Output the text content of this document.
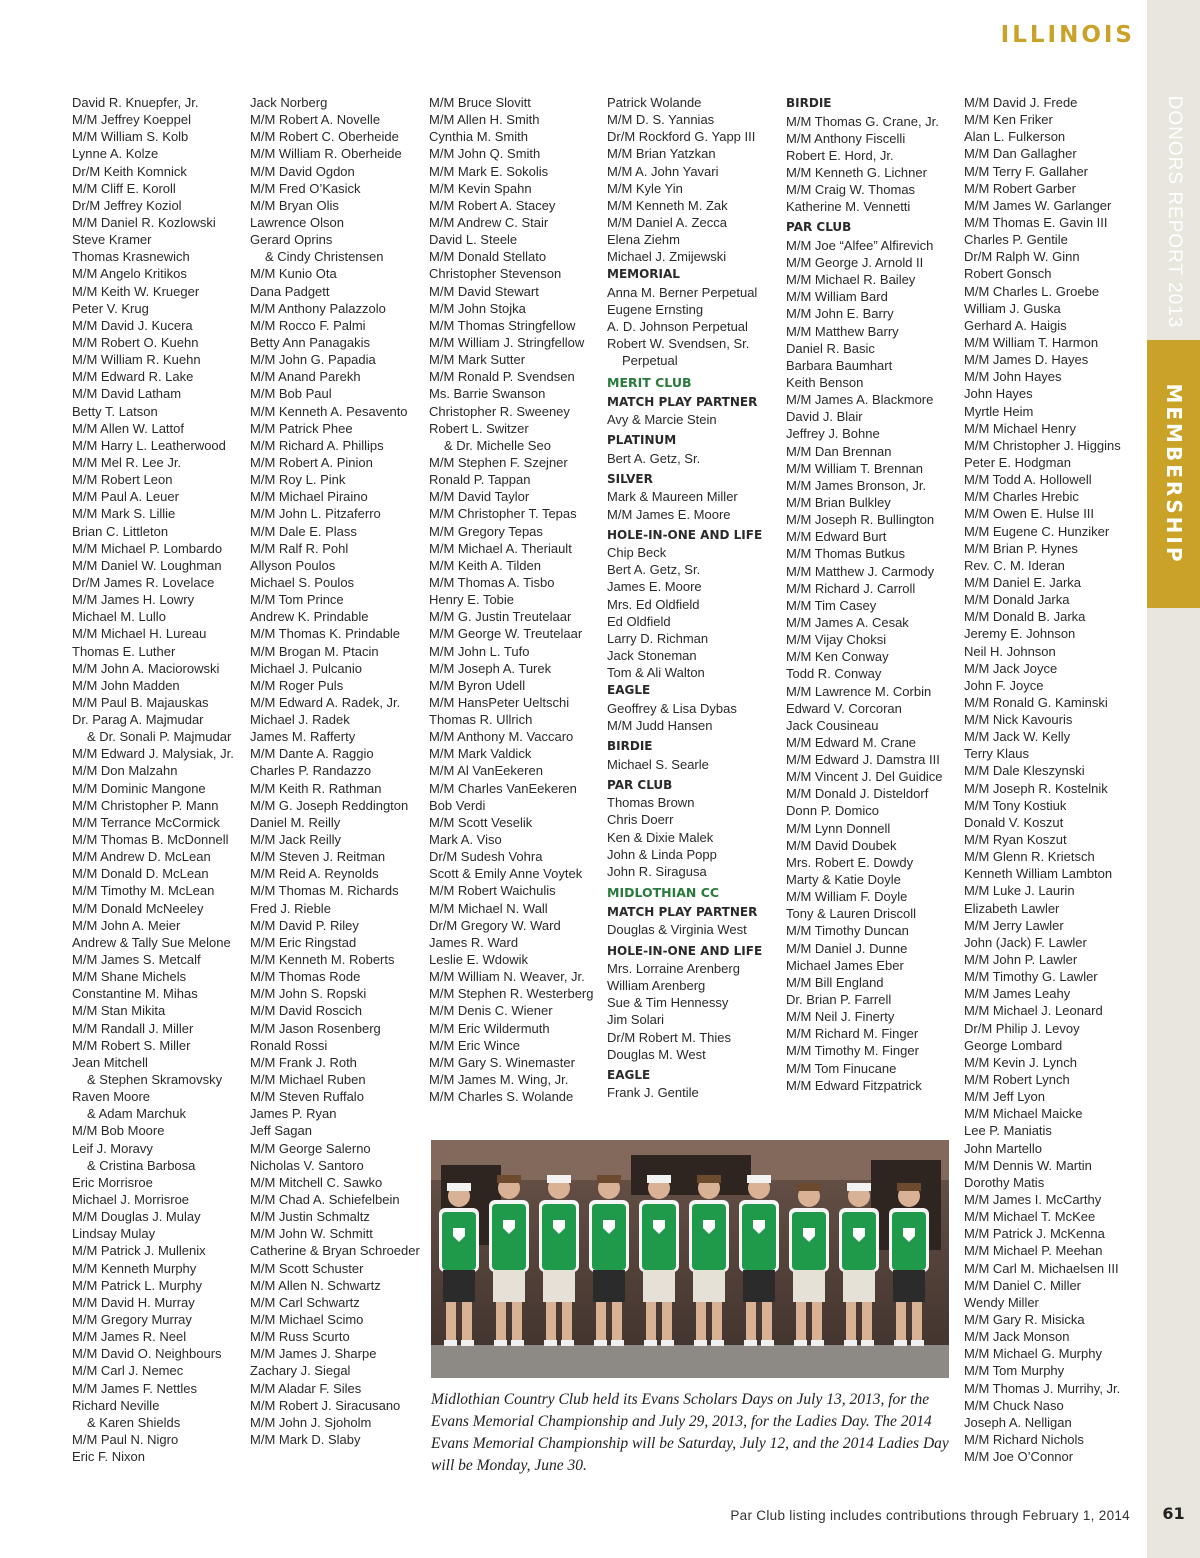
ILLINOIS
DONORS REPORT 2013
MEMBERSHIP
David R. Knuepfer, Jr.
M/M Jeffrey Koeppel
M/M William S. Kolb
Lynne A. Kolze
Dr/M Keith Komnick
M/M Cliff E. Koroll
Dr/M Jeffrey Koziol
M/M Daniel R. Kozlowski
Steve Kramer
Thomas Krasnewich
M/M Angelo Kritikos
M/M Keith W. Krueger
Peter V. Krug
M/M David J. Kucera
M/M Robert O. Kuehn
M/M William R. Kuehn
M/M Edward R. Lake
M/M David Latham
Betty T. Latson
M/M Allen W. Lattof
M/M Harry L. Leatherwood
M/M Mel R. Lee Jr.
M/M Robert Leon
M/M Paul A. Leuer
M/M Mark S. Lillie
Brian C. Littleton
M/M Michael P. Lombardo
M/M Daniel W. Loughman
Dr/M James R. Lovelace
M/M James H. Lowry
Michael M. Lullo
M/M Michael H. Lureau
Thomas E. Luther
M/M John A. Maciorowski
M/M John Madden
M/M Paul B. Majauskas
Dr. Parag A. Majmudar
& Dr. Sonali P. Majmudar
M/M Edward J. Malysiak, Jr.
M/M Don Malzahn
M/M Dominic Mangone
M/M Christopher P. Mann
M/M Terrance McCormick
M/M Thomas B. McDonnell
M/M Andrew D. McLean
M/M Donald D. McLean
M/M Timothy M. McLean
M/M Donald McNeeley
M/M John A. Meier
Andrew & Tally Sue Melone
M/M James S. Metcalf
M/M Shane Michels
Constantine M. Mihas
M/M Stan Mikita
M/M Randall J. Miller
M/M Robert S. Miller
Jean Mitchell
& Stephen Skramovsky
Raven Moore
& Adam Marchuk
M/M Bob Moore
Leif J. Moravy
& Cristina Barbosa
Eric Morrisroe
Michael J. Morrisroe
M/M Douglas J. Mulay
Lindsay Mulay
M/M Patrick J. Mullenix
M/M Kenneth Murphy
M/M Patrick L. Murphy
M/M David H. Murray
M/M Gregory Murray
M/M James R. Neel
M/M David O. Neighbours
M/M Carl J. Nemec
M/M James F. Nettles
Richard Neville
& Karen Shields
M/M Paul N. Nigro
Eric F. Nixon
Jack Norberg
M/M Robert A. Novelle
M/M Robert C. Oberheide
M/M William R. Oberheide
M/M David Ogdon
M/M Fred O’Kasick
M/M Bryan Olis
Lawrence Olson
Gerard Oprins
& Cindy Christensen
M/M Kunio Ota
Dana Padgett
M/M Anthony Palazzolo
M/M Rocco F. Palmi
Betty Ann Panagakis
M/M John G. Papadia
M/M Anand Parekh
M/M Bob Paul
M/M Kenneth A. Pesavento
M/M Patrick Phee
M/M Richard A. Phillips
M/M Robert A. Pinion
M/M Roy L. Pink
M/M Michael Piraino
M/M John L. Pitzaferro
M/M Dale E. Plass
M/M Ralf R. Pohl
Allyson Poulos
Michael S. Poulos
M/M Tom Prince
Andrew K. Prindable
M/M Thomas K. Prindable
M/M Brogan M. Ptacin
Michael J. Pulcanio
M/M Roger Puls
M/M Edward A. Radek, Jr.
Michael J. Radek
James M. Rafferty
M/M Dante A. Raggio
Charles P. Randazzo
M/M Keith R. Rathman
M/M G. Joseph Reddington
Daniel M. Reilly
M/M Jack Reilly
M/M Steven J. Reitman
M/M Reid A. Reynolds
M/M Thomas M. Richards
Fred J. Rieble
M/M David P. Riley
M/M Eric Ringstad
M/M Kenneth M. Roberts
M/M Thomas Rode
M/M John S. Ropski
M/M David Roscich
M/M Jason Rosenberg
Ronald Rossi
M/M Frank J. Roth
M/M Michael Ruben
M/M Steven Ruffalo
James P. Ryan
Jeff Sagan
M/M George Salerno
Nicholas V. Santoro
M/M Mitchell C. Sawko
M/M Chad A. Schiefelbein
M/M Justin Schmaltz
M/M John W. Schmitt
Catherine & Bryan Schroeder
M/M Scott Schuster
M/M Allen N. Schwartz
M/M Carl Schwartz
M/M Michael Scimo
M/M Russ Scurto
M/M James J. Sharpe
Zachary J. Siegal
M/M Aladar F. Siles
M/M Robert J. Siracusano
M/M John J. Sjoholm
M/M Mark D. Slaby
M/M Bruce Slovitt
M/M Allen H. Smith
Cynthia M. Smith
M/M John Q. Smith
M/M Mark E. Sokolis
M/M Kevin Spahn
M/M Robert A. Stacey
M/M Andrew C. Stair
David L. Steele
M/M Donald Stellato
Christopher Stevenson
M/M David Stewart
M/M John Stojka
M/M Thomas Stringfellow
M/M William J. Stringfellow
M/M Mark Sutter
M/M Ronald P. Svendsen
Ms. Barrie Swanson
Christopher R. Sweeney
Robert L. Switzer
& Dr. Michelle Seo
M/M Stephen F. Szejner
Ronald P. Tappan
M/M David Taylor
M/M Christopher T. Tepas
M/M Gregory Tepas
M/M Michael A. Theriault
M/M Keith A. Tilden
M/M Thomas A. Tisbo
Henry E. Tobie
M/M G. Justin Treutelaar
M/M George W. Treutelaar
M/M John L. Tufo
M/M Joseph A. Turek
M/M Byron Udell
M/M HansPeter Ueltschi
Thomas R. Ullrich
M/M Anthony M. Vaccaro
M/M Mark Valdick
M/M Al VanEekeren
M/M Charles VanEekeren
Bob Verdi
M/M Scott Veselik
Mark A. Viso
Dr/M Sudesh Vohra
Scott & Emily Anne Voytek
M/M Robert Waichulis
M/M Michael N. Wall
Dr/M Gregory W. Ward
James R. Ward
Leslie E. Wdowik
M/M William N. Weaver, Jr.
M/M Stephen R. Westerberg
M/M Denis C. Wiener
M/M Eric Wildermuth
M/M Eric Wince
M/M Gary S. Winemaster
M/M James M. Wing, Jr.
M/M Charles S. Wolande
Patrick Wolande
M/M D. S. Yannias
Dr/M Rockford G. Yapp III
M/M Brian Yatzkan
M/M A. John Yavari
M/M Kyle Yin
M/M Kenneth M. Zak
M/M Daniel A. Zecca
Elena Ziehm
Michael J. Zmijewski
MEMORIAL
Anna M. Berner Perpetual
Eugene Ernsting
A. D. Johnson Perpetual
Robert W. Svendsen, Sr.
Perpetual
MERIT CLUB
MATCH PLAY PARTNER
Avy & Marcie Stein
PLATINUM
Bert A. Getz, Sr.
SILVER
Mark & Maureen Miller
M/M James E. Moore
HOLE-IN-ONE AND LIFE
Chip Beck
Bert A. Getz, Sr.
James E. Moore
Mrs. Ed Oldfield
Ed Oldfield
Larry D. Richman
Jack Stoneman
Tom & Ali Walton
EAGLE
Geoffrey & Lisa Dybas
M/M Judd Hansen
BIRDIE
Michael S. Searle
PAR CLUB
Thomas Brown
Chris Doerr
Ken & Dixie Malek
John & Linda Popp
John R. Siragusa
MIDLOTHIAN CC
MATCH PLAY PARTNER
Douglas & Virginia West
HOLE-IN-ONE AND LIFE
Mrs. Lorraine Arenberg
William Arenberg
Sue & Tim Hennessy
Jim Solari
Dr/M Robert M. Thies
Douglas M. West
EAGLE
Frank J. Gentile
BIRDIE
M/M Thomas G. Crane, Jr.
M/M Anthony Fiscelli
Robert E. Hord, Jr.
M/M Kenneth G. Lichner
M/M Craig W. Thomas
Katherine M. Vennetti
PAR CLUB
M/M Joe “Alfee” Alfirevich
M/M George J. Arnold II
M/M Michael R. Bailey
M/M William Bard
M/M John E. Barry
M/M Matthew Barry
Daniel R. Basic
Barbara Baumhart
Keith Benson
M/M James A. Blackmore
David J. Blair
Jeffrey J. Bohne
M/M Dan Brennan
M/M William T. Brennan
M/M James Bronson, Jr.
M/M Brian Bulkley
M/M Joseph R. Bullington
M/M Edward Burt
M/M Thomas Butkus
M/M Matthew J. Carmody
M/M Richard J. Carroll
M/M Tim Casey
M/M James A. Cesak
M/M Vijay Choksi
M/M Ken Conway
Todd R. Conway
M/M Lawrence M. Corbin
Edward V. Corcoran
Jack Cousineau
M/M Edward M. Crane
M/M Edward J. Damstra III
M/M Vincent J. Del Guidice
M/M Donald J. Disteldorf
Donn P. Domico
M/M Lynn Donnell
M/M David Doubek
Mrs. Robert E. Dowdy
Marty & Katie Doyle
M/M William F. Doyle
Tony & Lauren Driscoll
M/M Timothy Duncan
M/M Daniel J. Dunne
Michael James Eber
M/M Bill England
Dr. Brian P. Farrell
M/M Neil J. Finerty
M/M Richard M. Finger
M/M Timothy M. Finger
M/M Tom Finucane
M/M Edward Fitzpatrick
M/M David J. Frede
M/M Ken Friker
Alan L. Fulkerson
M/M Dan Gallagher
M/M Terry F. Gallaher
M/M Robert Garber
M/M James W. Garlanger
M/M Thomas E. Gavin III
Charles P. Gentile
Dr/M Ralph W. Ginn
Robert Gonsch
M/M Charles L. Groebe
William J. Guska
Gerhard A. Haigis
M/M William T. Harmon
M/M James D. Hayes
M/M John Hayes
John Hayes
Myrtle Heim
M/M Michael Henry
M/M Christopher J. Higgins
Peter E. Hodgman
M/M Todd A. Hollowell
M/M Charles Hrebic
M/M Owen E. Hulse III
M/M Eugene C. Hunziker
M/M Brian P. Hynes
Rev. C. M. Ideran
M/M Daniel E. Jarka
M/M Donald Jarka
M/M Donald B. Jarka
Jeremy E. Johnson
Neil H. Johnson
M/M Jack Joyce
John F. Joyce
M/M Ronald G. Kaminski
M/M Nick Kavouris
M/M Jack W. Kelly
Terry Klaus
M/M Dale Kleszynski
M/M Joseph R. Kostelnik
M/M Tony Kostiuk
Donald V. Koszut
M/M Ryan Koszut
M/M Glenn R. Krietsch
Kenneth William Lambton
M/M Luke J. Laurin
Elizabeth Lawler
M/M Jerry Lawler
John (Jack) F. Lawler
M/M John P. Lawler
M/M Timothy G. Lawler
M/M James Leahy
M/M Michael J. Leonard
Dr/M Philip J. Levoy
George Lombard
M/M Kevin J. Lynch
M/M Robert Lynch
M/M Jeff Lyon
M/M Michael Maicke
Lee P. Maniatis
John Martello
M/M Dennis W. Martin
Dorothy Matis
M/M James I. McCarthy
M/M Michael T. McKee
M/M Patrick J. McKenna
M/M Michael P. Meehan
M/M Carl M. Michaelsen III
M/M Daniel C. Miller
Wendy Miller
M/M Gary R. Misicka
M/M Jack Monson
M/M Michael G. Murphy
M/M Tom Murphy
M/M Thomas J. Murrihy, Jr.
M/M Chuck Naso
Joseph A. Nelligan
M/M Richard Nichols
M/M Joe O’Connor
Midlothian Country Club held its Evans Scholars Days on July 13, 2013, for the Evans Memorial Championship and July 29, 2013, for the Ladies Day. The 2014 Evans Memorial Championship will be Saturday, July 12, and the 2014 Ladies Day will be Monday, June 30.
Par Club listing includes contributions through February 1, 2014	61
